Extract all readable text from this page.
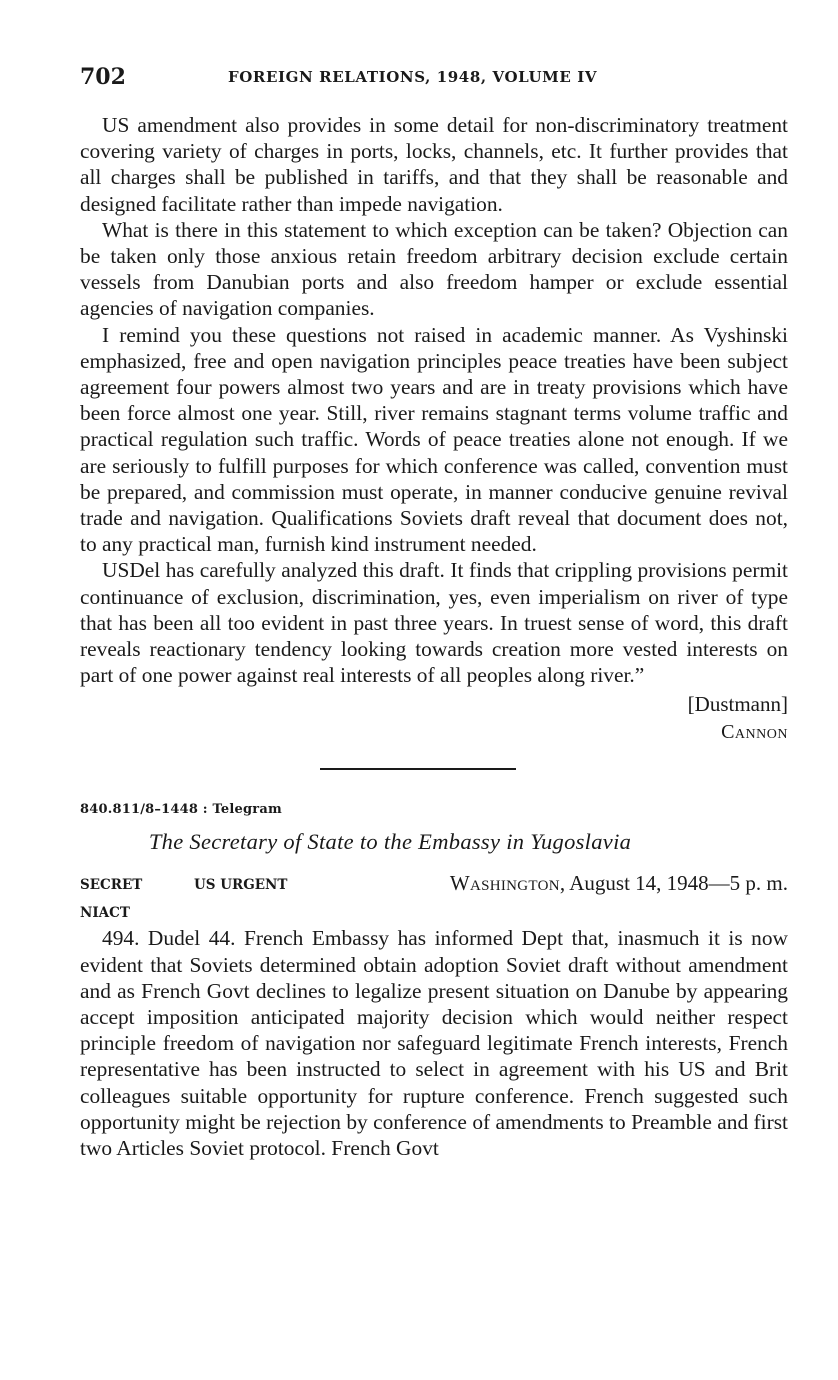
702	FOREIGN RELATIONS, 1948, VOLUME IV

US amendment also provides in some detail for non-discriminatory treatment covering variety of charges in ports, locks, channels, etc. It further provides that all charges shall be published in tariffs, and that they shall be reasonable and designed facilitate rather than impede navigation.

What is there in this statement to which exception can be taken? Objection can be taken only those anxious retain freedom arbitrary decision exclude certain vessels from Danubian ports and also freedom hamper or exclude essential agencies of navigation companies.

I remind you these questions not raised in academic manner. As Vyshinski emphasized, free and open navigation principles peace treaties have been subject agreement four powers almost two years and are in treaty provisions which have been force almost one year. Still, river remains stagnant terms volume traffic and practical regulation such traffic. Words of peace treaties alone not enough. If we are seriously to fulfill purposes for which conference was called, convention must be prepared, and commission must operate, in manner conducive genuine revival trade and navigation. Qualifications Soviets draft reveal that document does not, to any practical man, furnish kind instrument needed.

USDel has carefully analyzed this draft. It finds that crippling provisions permit continuance of exclusion, discrimination, yes, even imperialism on river of type that has been all too evident in past three years. In truest sense of word, this draft reveals reactionary tendency looking towards creation more vested interests on part of one power against real interests of all peoples along river.”

[Dustmann]
Cannon

840.811/8–1448 : Telegram

The Secretary of State to the Embassy in Yugoslavia
SECRET	US URGENT	Washington, August 14, 1948—5 p. m.
NIACT

494. Dudel 44. French Embassy has informed Dept that, inasmuch it is now evident that Soviets determined obtain adoption Soviet draft without amendment and as French Govt declines to legalize present situation on Danube by appearing accept imposition anticipated majority decision which would neither respect principle freedom of navigation nor safeguard legitimate French interests, French representative has been instructed to select in agreement with his US and Brit colleagues suitable opportunity for rupture conference. French suggested such opportunity might be rejection by conference of amendments to Preamble and first two Articles Soviet protocol. French Govt
